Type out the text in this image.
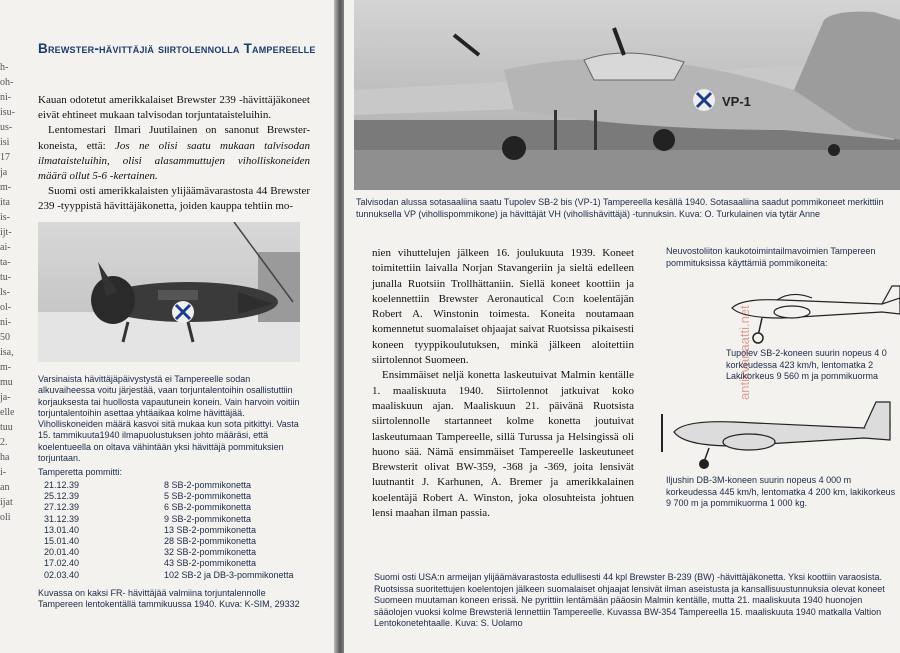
h-
oh-
ni-
isu-
us-
isi
17
ja
m-
ita
is-
ijt-
ai-
ta-
tu-
ls-
ol-
ni-
50
isa,
m-
mu
ja-
elle
tuu
2.
ha
i-
an
ijat
oli
Brewster-hävittäjiä siirtolennolla Tampereelle

Kauan odotetut amerikkalaiset Brewster 239 -hävittäjäkoneet eivät ehtineet mukaan talvisodan torjuntataisteluihin.

Lentomestari Ilmari Juutilainen on sanonut Brewster-koneista, että: Jos ne olisi saatu mukaan talvisodan ilmataisteluihin, olisi alasammuttujen viholliskoneiden määrä ollut 5-6 -kertainen.

Suomi osti amerikkalaisten ylijäämävarastosta 44 Brewster 239 -tyyppistä hävittäjäkonetta, joiden kauppa tehtiin mo-

Varsinaista hävittäjäpäivystystä ei Tampereelle sodan alkuvaiheessa voitu järjestää, vaan torjuntalentoihin osallistuttiin korjauksesta tai huollosta vapautunein konein. Vain harvoin voitiin torjuntalentoihin asettaa yhtäaikaa kolme hävittäjää. Viholliskoneiden määrä kasvoi sitä mukaa kun sota pitkittyi. Vasta 15. tammikuuta1940 ilmapuolustuksen johto määräsi, että koelentueella on oltava vähintään yksi hävittäjä pommituksien torjuntaan.
Tamperetta pommitti:
21.12.39	8 SB-2-pommikonetta
25.12.39	5 SB-2-pommikonetta
27.12.39	6 SB-2-pommikonetta
31.12.39	9 SB-2-pommikonetta
13.01.40	13 SB-2-pommikonetta
15.01.40	28 SB-2-pommikonetta
20.01.40	32 SB-2-pommikonetta
17.02.40	43 SB-2-pommikonetta
02.03.40	102 SB-2 ja DB-3-pommikonetta
Kuvassa on kaksi FR- hävittäjää valmiina torjuntalennolle Tampereen lentokentällä tammikuussa 1940. Kuva: K-SIM, 29332
VP-1
Talvisodan alussa sotasaaliina saatu Tupolev SB-2 bis (VP-1) Tampereella kesällä 1940. Sotasaaliina saadut pommikoneet merkittiin tunnuksella VP (vihollispommikone) ja hävittäjät VH (vihollishävittäjä) -tunnuksin. Kuva: O. Turkulainen via tytär Anne

nien vihuttelujen jälkeen 16. joulukuuta 1939. Koneet toimitettiin laivalla Norjan Stavangeriin ja sieltä edelleen junalla Ruotsiin Trollhättaniin. Siellä koneet koottiin ja koelennettiin Brewster Aeronautical Co:n koelentäjän Robert A. Winstonin toimesta. Koneita noutamaan komennetut suomalaiset ohjaajat saivat Ruotsissa pikaisesti koneen tyyppikoulutuksen, minkä jälkeen aloitettiin siirtolennot Suomeen.

Ensimmäiset neljä konetta laskeutuivat Malmin kentälle 1. maaliskuuta 1940. Siirtolennot jatkuivat koko maaliskuun ajan. Maaliskuun 21. päivänä Ruotsista siirtolennolle startanneet kolme konetta joutuivat laskeutumaan Tampereelle, sillä Turussa ja Helsingissä oli huono sää. Nämä ensimmäiset Tampereelle laskeutuneet Brewsterit olivat BW-359, -368 ja -369, joita lensivät luutnantit J. Karhunen, A. Bremer ja amerikkalainen koelentäjä Robert A. Winston, joka olosuhteista johtuen lensi maahan ilman passia.

Neuvostoliiton kaukotoimintailmavoimien Tampereen pommituksissa käyttämiä pommikoneita:
Tupolev SB-2-koneen suurin nopeus 4 0 korkeudessa 423 km/h, lentomatka 2 Lakikorkeus 9 560 m ja pommikuorma
Iljushin DB-3M-koneen suurin nopeus 4 000 m korkeudessa 445 km/h, lentomatka 4 200 km, lakikorkeus 9 700 m ja pommikuorma 1 000 kg.
Suomi osti USA:n armeijan ylijäämävarastosta edullisesti 44 kpl Brewster B-239 (BW) -hävittäjäkonetta. Yksi koottiin varaosista. Ruotsissa suoritettujen koelentojen jälkeen suomalaiset ohjaajat lensivät ilman aseistusta ja kansallisuustunnuksia olevat koneet Suomeen muutaman koneen erissä. Ne pyrittiin lentämään pääosin Malmin kentälle, mutta 21. maaliskuuta 1940 huonojen sääolojen vuoksi kolme Brewsteriä lennettiin Tampereelle. Kuvassa BW-354 Tampereella 15. maaliskuuta 1940 matkalla Valtion Lentokonetehtaalle. Kuva: S. Uolamo
antikvariaatti.net
